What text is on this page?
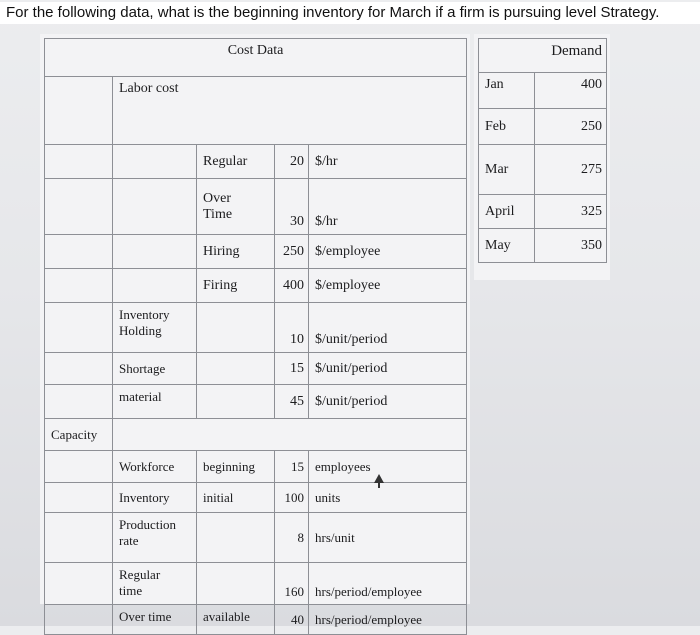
For the following data, what is the beginning inventory for March if a firm is pursuing level Strategy.
Cost Data				
	Labor cost			
		Regular	20	$/hr
		Over Time	30	$/hr
		Hiring	250	$/employee
		Firing	400	$/employee
	Inventory Holding		10	$/unit/period
	Shortage		15	$/unit/period
	material		45	$/unit/period
Capacity				
	Workforce	beginning	15	employees
	Inventory	initial	100	units
	Production rate		8	hrs/unit
	Regular time		160	hrs/period/employee
	Over time	available	40	hrs/period/employee
Demand	
Jan	400
Feb	250
Mar	275
April	325
May	350
